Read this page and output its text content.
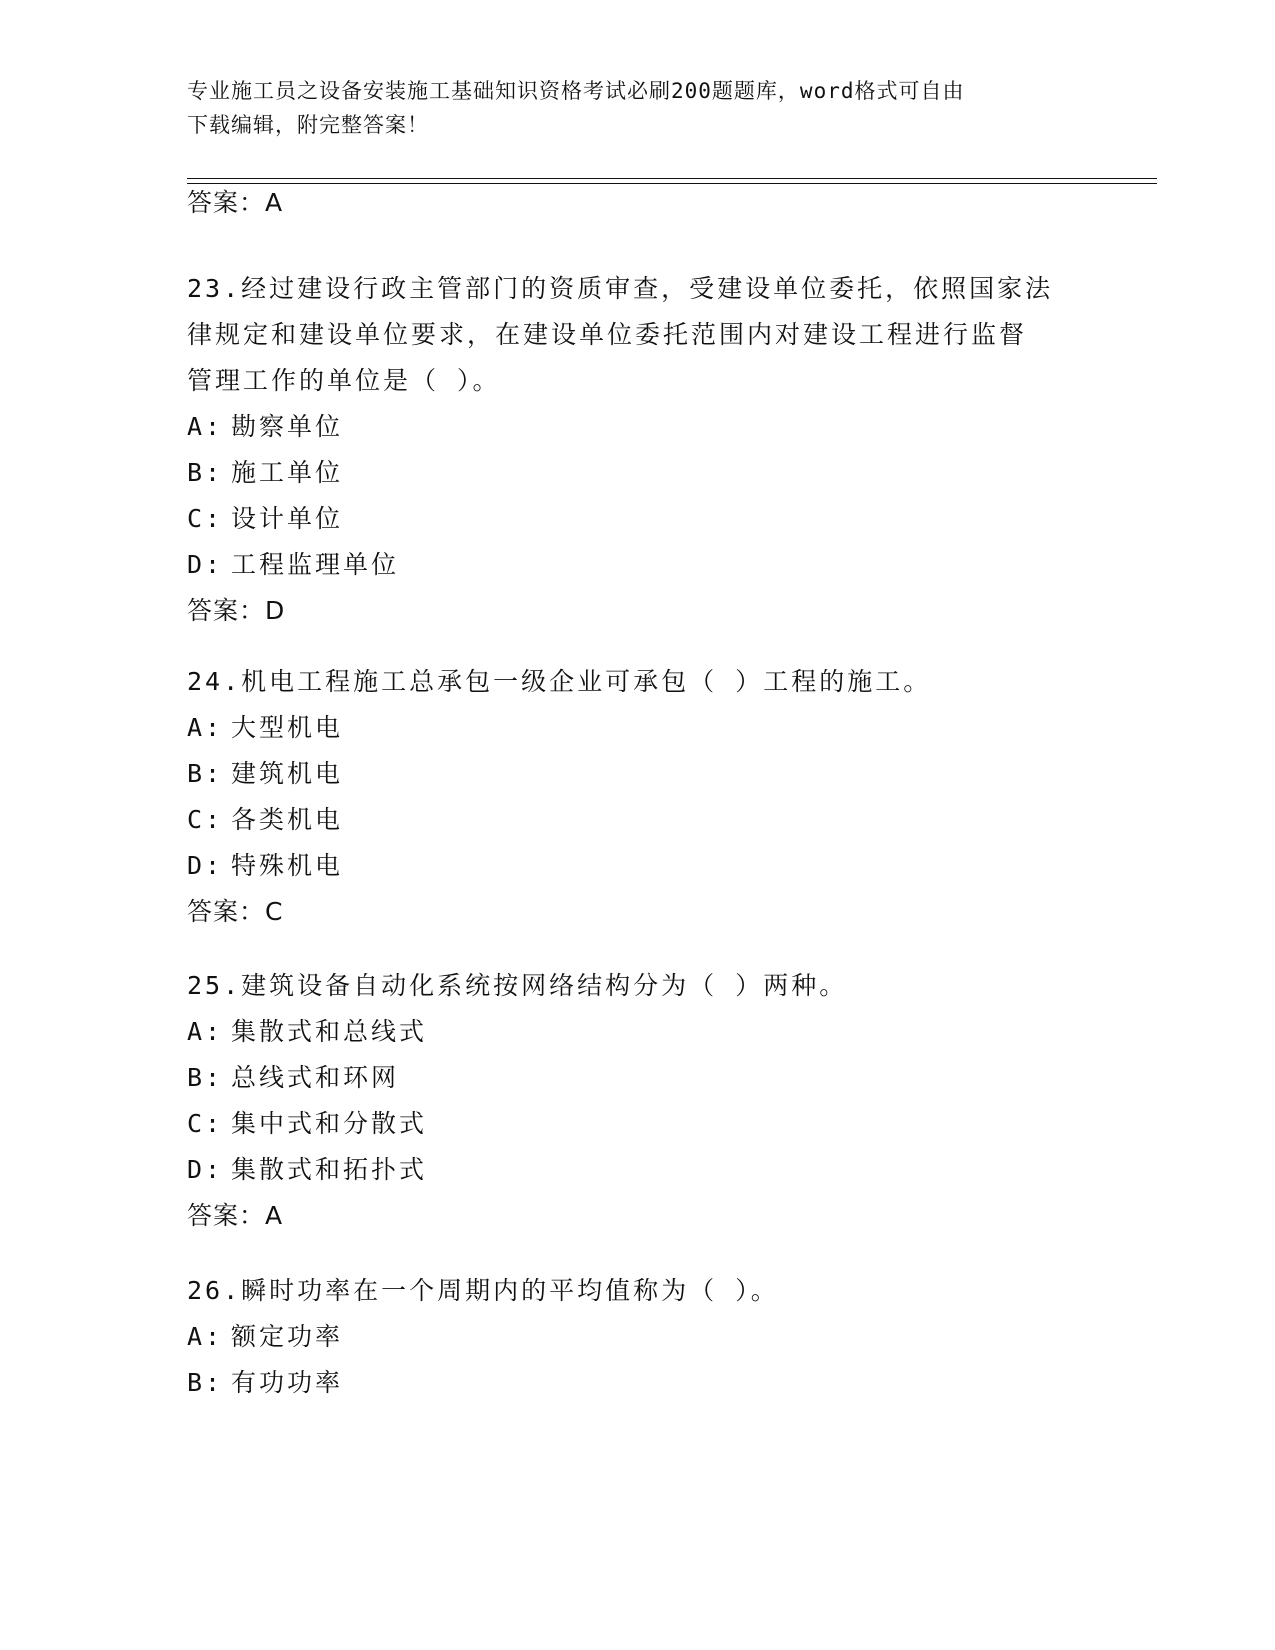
专业施工员之设备安装施工基础知识资格考试必刷200题题库，word格式可自由
下载编辑，附完整答案！
答案：A
23.经过建设行政主管部门的资质审查，受建设单位委托，依照国家法
律规定和建设单位要求，在建设单位委托范围内对建设工程进行监督
管理工作的单位是（ ）。
A: 勘察单位
B: 施工单位
C: 设计单位
D: 工程监理单位
答案：D
24.机电工程施工总承包一级企业可承包（ ）工程的施工。
A: 大型机电
B: 建筑机电
C: 各类机电
D: 特殊机电
答案：C
25.建筑设备自动化系统按网络结构分为（ ）两种。
A: 集散式和总线式
B: 总线式和环网
C: 集中式和分散式
D: 集散式和拓扑式
答案：A
26.瞬时功率在一个周期内的平均值称为（ ）。
A: 额定功率
B: 有功功率
